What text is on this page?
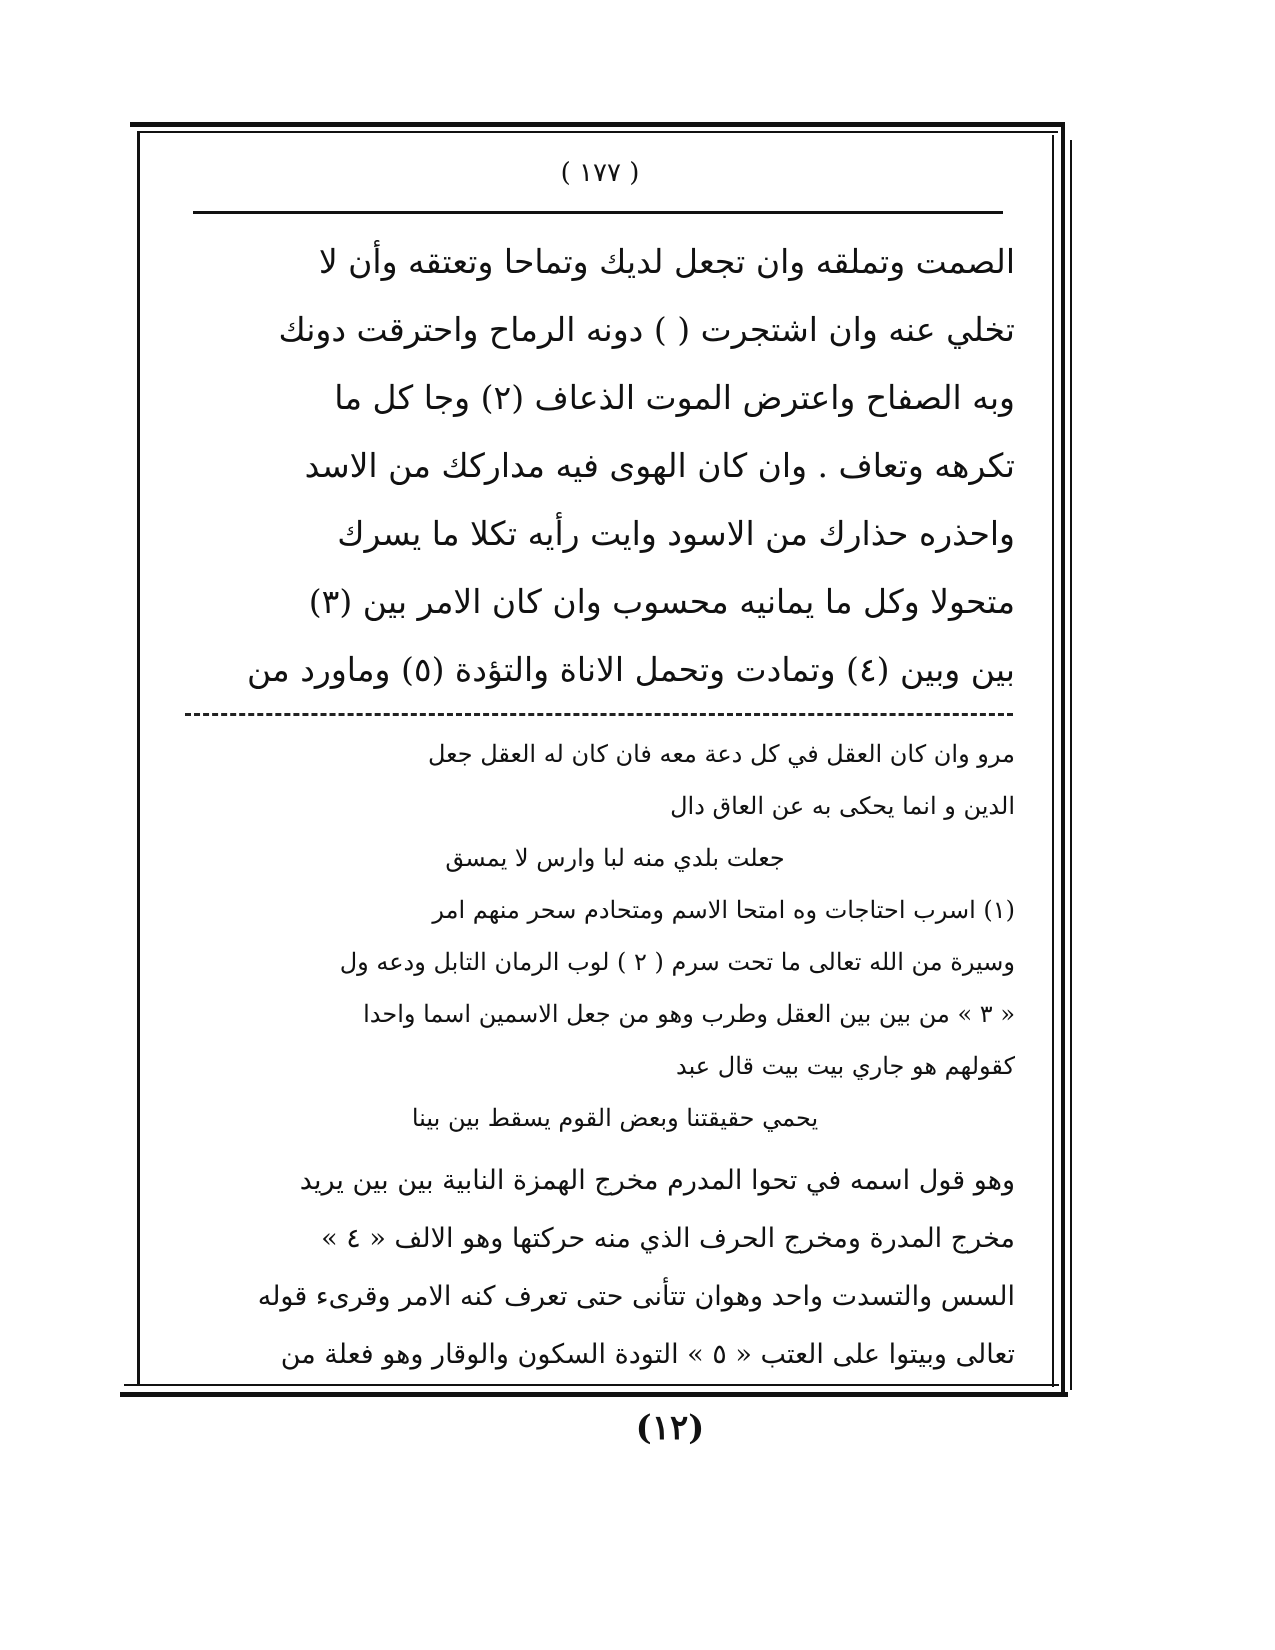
( ١٧٧ )
الصمت وتملقه وان تجعل لديك وتماحا وتعتقه وأن لا
تخلي عنه وان اشتجرت ( ) دونه الرماح واحترقت دونك
وبه الصفاح واعترض الموت الذعاف (٢) وجا كل ما
تكرهه وتعاف . وان كان الهوى فيه مداركك من الاسد
واحذره حذارك من الاسود وايت رأيه تكلا ما يسرك
متحولا وكل ما يمانيه محسوب وان كان الامر بين (٣)
بين وبين (٤) وتمادت وتحمل الاناة والتؤدة (٥) وماورد من
مرو وان كان العقل في كل دعة معه فان كان له العقل جعل
الدين و انما يحكى به عن العاق دال
جعلت بلدي منه لبا وارس لا يمسق
(١) اسرب احتاجات وه امتحا الاسم ومتحادم سحر منهم امر
وسيرة من الله تعالى ما تحت سرم ( ٢ ) لوب الرمان التابل ودعه ول
« ٣ » من بين بين العقل وطرب وهو من جعل الاسمين اسما واحدا
كقولهم هو جاري بيت بيت قال عبد
يحمي حقيقتنا وبعض القوم يسقط بين بينا
وهو قول اسمه في تحوا المدرم مخرج الهمزة النابية بين بين يريد
مخرج المدرة ومخرج الحرف الذي منه حركتها وهو الالف « ٤ »
السس والتسدت واحد وهوان تتأنى حتى تعرف كنه الامر وقرىء قوله
تعالى وبيتوا على العتب « ٥ » التودة السكون والوقار وهو فعلة من
(١٢)
